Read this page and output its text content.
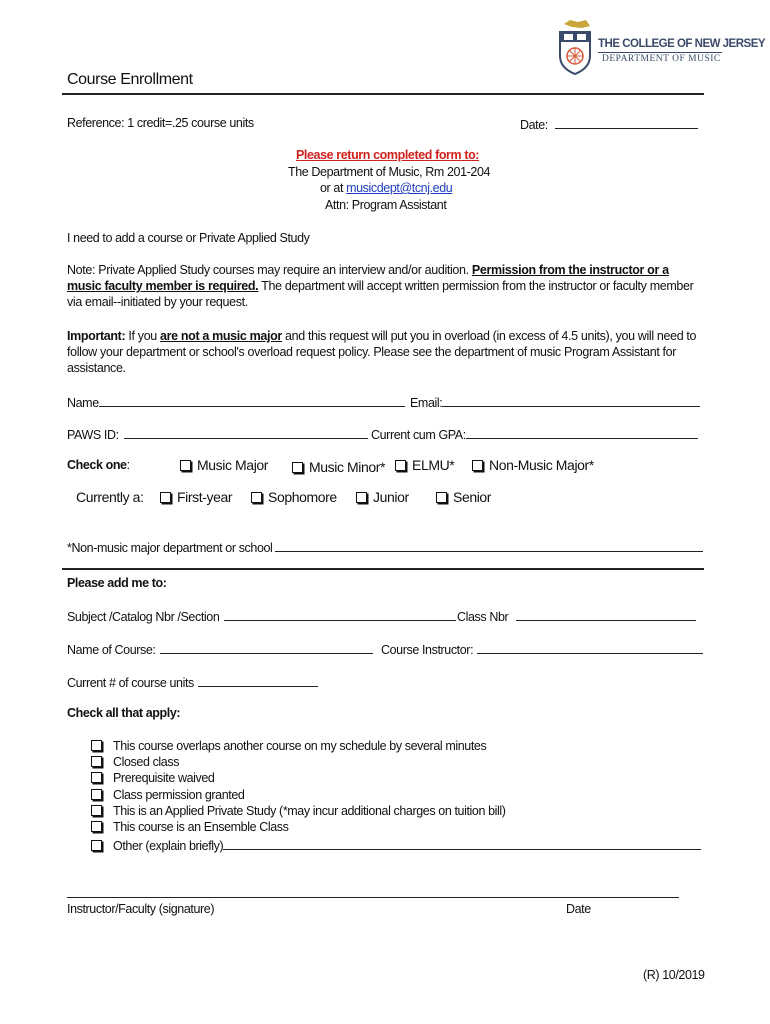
THE COLLEGE OF NEW JERSEY
DEPARTMENT OF MUSIC
Course Enrollment
Reference: 1 credit=.25 course units	Date:
Please return completed form to:
The Department of Music, Rm 201-204
or at musicdept@tcnj.edu
Attn: Program Assistant
I need to add a course or Private Applied Study

Note: Private Applied Study courses may require an interview and/or audition. Permission from the instructor or a music faculty member is required. The department will accept written permission from the instructor or faculty member via email--initiated by your request.

Important: If you are not a music major and this request will put you in overload (in excess of 4.5 units), you will need to follow your department or school's overload request policy. Please see the department of music Program Assistant for assistance.

Name	Email:
PAWS ID:	Current cum GPA:
Check one:	Music Major	Music Minor*	ELMU*	Non-Music Major*
Currently a:	First-year	Sophomore	Junior	Senior
*Non-music major department or school
Please add me to:
Subject /Catalog Nbr /Section	Class Nbr
Name of Course:	Course Instructor:
Current # of course units
Check all that apply:
This course overlaps another course on my schedule by several minutes
Closed class
Prerequisite waived
Class permission granted
This is an Applied Private Study (*may incur additional charges on tuition bill)
This course is an Ensemble Class
Other (explain briefly)
Instructor/Faculty (signature)	Date
(R) 10/2019
